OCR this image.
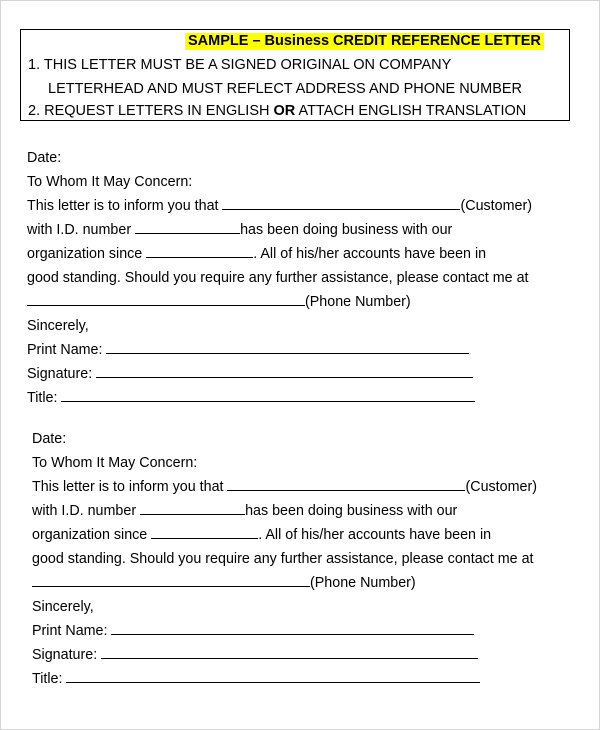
SAMPLE – Business CREDIT REFERENCE LETTER
1. THIS LETTER MUST BE A SIGNED ORIGINAL ON COMPANY
LETTERHEAD AND MUST REFLECT ADDRESS AND PHONE NUMBER
2. REQUEST LETTERS IN ENGLISH OR ATTACH ENGLISH TRANSLATION
Date:
To Whom It May Concern:
This letter is to inform you that	(Customer)
with I.D. number	has been doing business with our
organization since	. All of his/her accounts have been in
good standing. Should you require any further assistance, please contact me at
(Phone Number)
Sincerely,
Print Name:
Signature:
Title:
Date:
To Whom It May Concern:
This letter is to inform you that	(Customer)
with I.D. number	has been doing business with our
organization since	. All of his/her accounts have been in
good standing. Should you require any further assistance, please contact me at
(Phone Number)
Sincerely,
Print Name:
Signature:
Title:
